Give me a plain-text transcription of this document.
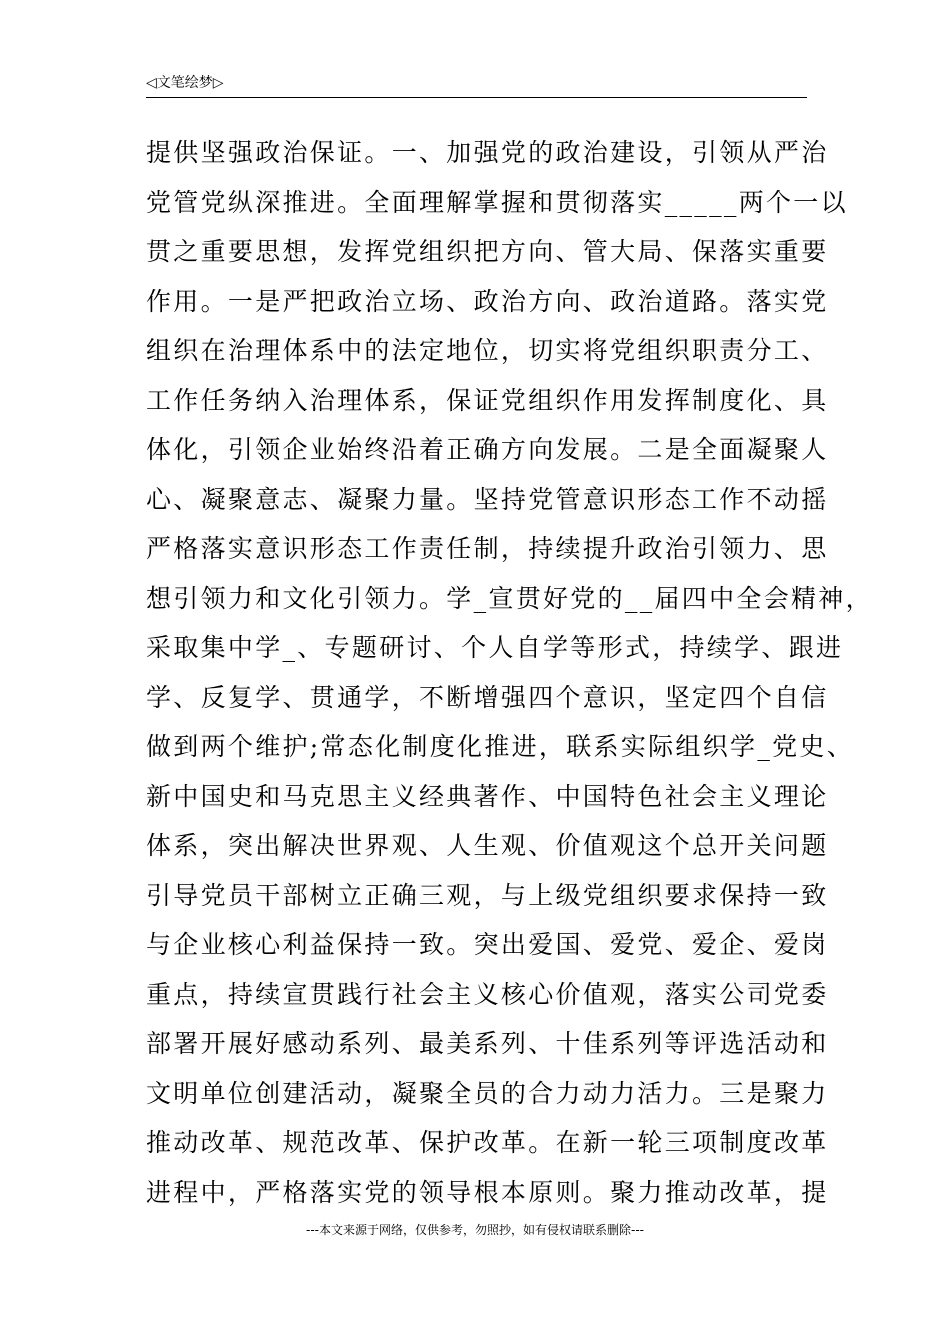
◁文笔绘梦▷
提供坚强政治保证。一、加强党的政治建设，引领从严治
党管党纵深推进。全面理解掌握和贯彻落实_____两个一以
贯之重要思想，发挥党组织把方向、管大局、保落实重要
作用。一是严把政治立场、政治方向、政治道路。落实党
组织在治理体系中的法定地位，切实将党组织职责分工、
工作任务纳入治理体系，保证党组织作用发挥制度化、具
体化，引领企业始终沿着正确方向发展。二是全面凝聚人
心、凝聚意志、凝聚力量。坚持党管意识形态工作不动摇
严格落实意识形态工作责任制，持续提升政治引领力、思
想引领力和文化引领力。学_宣贯好党的__届四中全会精神，
采取集中学_、专题研讨、个人自学等形式，持续学、跟进
学、反复学、贯通学，不断增强四个意识，坚定四个自信
做到两个维护;常态化制度化推进，联系实际组织学_党史、
新中国史和马克思主义经典著作、中国特色社会主义理论
体系，突出解决世界观、人生观、价值观这个总开关问题
引导党员干部树立正确三观，与上级党组织要求保持一致
与企业核心利益保持一致。突出爱国、爱党、爱企、爱岗
重点，持续宣贯践行社会主义核心价值观，落实公司党委
部署开展好感动系列、最美系列、十佳系列等评选活动和
文明单位创建活动，凝聚全员的合力动力活力。三是聚力
推动改革、规范改革、保护改革。在新一轮三项制度改革
进程中，严格落实党的领导根本原则。聚力推动改革，提
---本文来源于网络，仅供参考，勿照抄，如有侵权请联系删除---
